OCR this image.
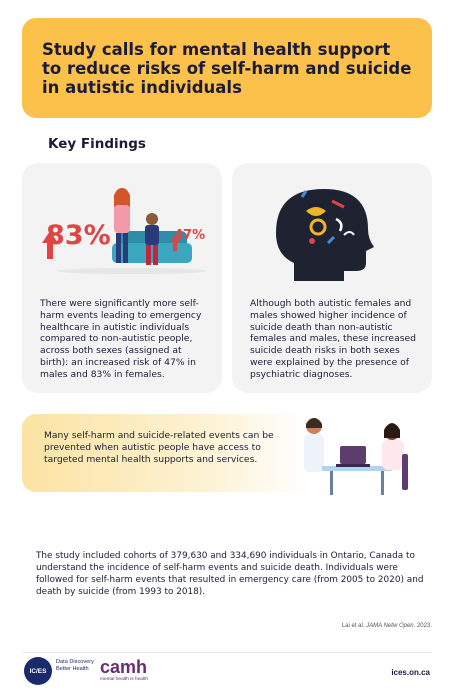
Study calls for mental health support to reduce risks of self-harm and suicide in autistic individuals
Key Findings
There were significantly more self-harm events leading to emergency healthcare in autistic individuals compared to non-autistic people, across both sexes (assigned at birth): an increased risk of 47% in males and 83% in females.
83%	47%
Although both autistic females and males showed higher incidence of suicide death than non-autistic females and males, these increased suicide death risks in both sexes were explained by the presence of psychiatric diagnoses.
Many self-harm and suicide-related events can be prevented when autistic people have access to targeted mental health supports and services.
The study included cohorts of 379,630 and 334,690 individuals in Ontario, Canada to understand the incidence of self-harm events and suicide death. Individuals were followed for self-harm events that resulted in emergency care (from 2005 to 2020) and death by suicide (from 1993 to 2018).
Lai et al. JAMA Netw Open. 2023.
IC/ES
Data Discovery Better Health camh
mental health is health
ices.on.ca
